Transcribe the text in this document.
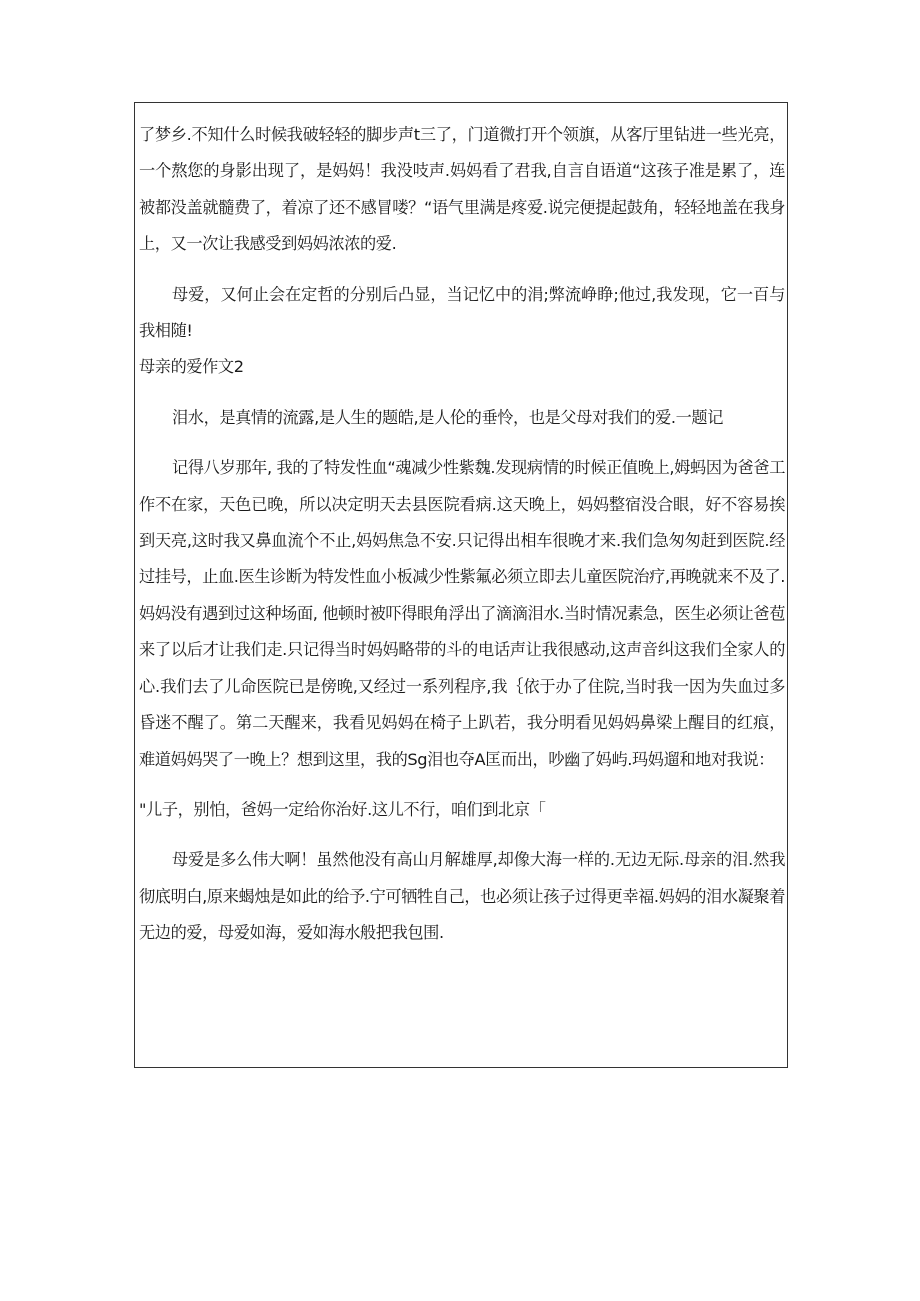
了梦乡.不知什么时候我破轻轻的脚步声t三了，门道微打开个领旗，从客厅里钻进一些光亮，一个熬您的身影出现了，是妈妈！我没吱声.妈妈看了君我,自言自语道“这孩子准是累了，连被都没盖就髓费了，着凉了还不感冒喽？“语气里满是疼爱.说完便提起鼓角，轻轻地盖在我身上，又一次让我感受到妈妈浓浓的爱.

母爱，又何止会在定哲的分别后凸显，当记忆中的涓;弊流峥睁;他过,我发现，它一百与我相随!

母亲的爱作文2

泪水，是真情的流露,是人生的题皓,是人伦的垂怜，也是父母对我们的爱.一题记

记得八岁那年, 我的了特发性血“魂减少性紫魏.发现病情的时候正值晚上,姆蚂因为爸爸工作不在家，天色已晚，所以决定明天去县医院看病.这天晚上，妈妈整宿没合眼，好不容易挨到天亮,这时我又鼻血流个不止,妈妈焦急不安.只记得出相车很晚才来.我们急匆匆赶到医院.经过挂号，止血.医生诊断为特发性血小板减少性紫氟必须立即去儿童医院治疗,再晚就来不及了.妈妈没有遇到过这种场面, 他顿时被吓得眼角浮出了滴滴泪水.当时情况素急，医生必须让爸苞来了以后才让我们走.只记得当时妈妈略带的斗的电话声让我很感动,这声音纠这我们全家人的心.我们去了儿命医院已是傍晚,又经过一系列程序,我｛依于办了住院,当时我一因为失血过多昏迷不醒了。第二天醒来，我看见妈妈在椅子上趴若，我分明看见妈妈鼻梁上醒目的红痕，难道妈妈哭了一晚上？想到这里，我的Sg泪也夺A匡而出，吵幽了妈屿.玛妈遛和地对我说：

"儿子，别怕，爸妈一定给你治好.这儿不行，咱们到北京「

母爱是多么伟大啊！虽然他没有高山月解雄厚,却像大海一样的.无边无际.母亲的泪.然我彻底明白,原来蝎烛是如此的给予.宁可牺牲自己，也必须让孩子过得更幸福.妈妈的泪水凝聚着无边的爱，母爱如海，爱如海水般把我包围.
